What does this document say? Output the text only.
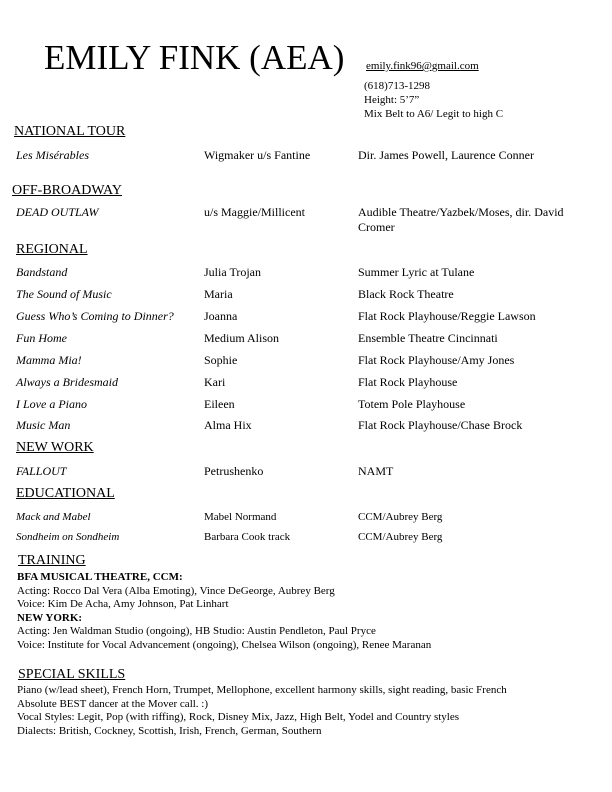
EMILY FINK (AEA) emily.fink96@gmail.com
(618)713-1298
Height: 5’7”
Mix Belt to A6/ Legit to high C
NATIONAL TOUR
Les Misérables	Wigmaker u/s Fantine	Dir. James Powell, Laurence Conner
OFF-BROADWAY
DEAD OUTLAW	u/s Maggie/Millicent	Audible Theatre/Yazbek/Moses, dir. David Cromer
REGIONAL
Bandstand	Julia Trojan	Summer Lyric at Tulane
The Sound of Music	Maria	Black Rock Theatre
Guess Who’s Coming to Dinner?	Joanna	Flat Rock Playhouse/Reggie Lawson
Fun Home	Medium Alison	Ensemble Theatre Cincinnati
Mamma Mia!	Sophie	Flat Rock Playhouse/Amy Jones
Always a Bridesmaid	Kari	Flat Rock Playhouse
I Love a Piano	Eileen	Totem Pole Playhouse
Music Man	Alma Hix	Flat Rock Playhouse/Chase Brock
NEW WORK
FALLOUT	Petrushenko	NAMT
EDUCATIONAL
Mack and Mabel	Mabel Normand	CCM/Aubrey Berg
Sondheim on Sondheim	Barbara Cook track	CCM/Aubrey Berg
TRAINING
BFA MUSICAL THEATRE, CCM:
Acting: Rocco Dal Vera (Alba Emoting), Vince DeGeorge, Aubrey Berg
Voice: Kim De Acha, Amy Johnson, Pat Linhart
NEW YORK:
Acting: Jen Waldman Studio (ongoing), HB Studio: Austin Pendleton, Paul Pryce
Voice: Institute for Vocal Advancement (ongoing), Chelsea Wilson (ongoing), Renee Maranan
SPECIAL SKILLS
Piano (w/lead sheet), French Horn, Trumpet, Mellophone, excellent harmony skills, sight reading, basic French
Absolute BEST dancer at the Mover call. :)
Vocal Styles: Legit, Pop (with riffing), Rock, Disney Mix, Jazz, High Belt, Yodel and Country styles
Dialects: British, Cockney, Scottish, Irish, French, German, Southern
